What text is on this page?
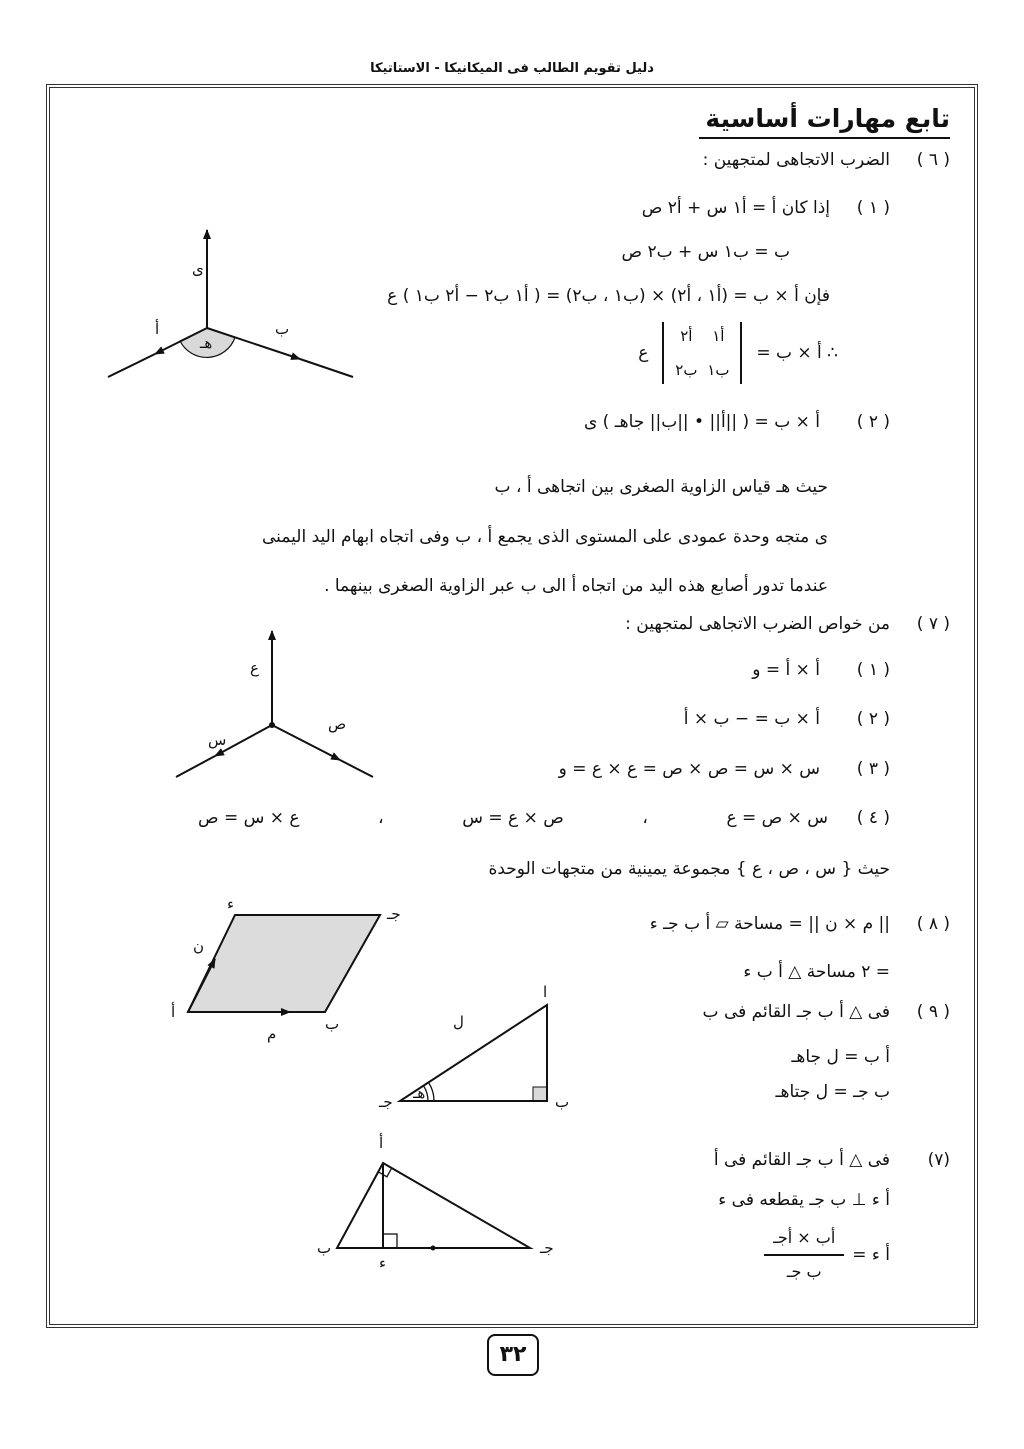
دليل تقويم الطالب فى الميكانيكا - الاستاتيكا
تابع مهارات أساسية
( ٦ )
الضرب الاتجاهى لمتجهين :
( ١ )
إذا كان أ = أ١ س + أ٢ ص
ب = ب١ س + ب٢ ص
فإن أ × ب = (أ١ ، أ٢) × (ب١ ، ب٢) = ( أ١ ب٢ − أ٢ ب١ ) ع
∴ أ × ب =
أ١
أ٢
ب١
ب٢
ع
( ٢ )
أ × ب = ( ||أ|| • ||ب|| جاهـ ) ى
حيث هـ قياس الزاوية الصغرى بين اتجاهى أ ، ب
ى متجه وحدة عمودى على المستوى الذى يجمع أ ، ب وفى اتجاه ابهام اليد اليمنى
عندما تدور أصابع هذه اليد من اتجاه أ الى ب عبر الزاوية الصغرى بينهما .
( ٧ )
من خواص الضرب الاتجاهى لمتجهين :
( ١ )
أ × أ = و
( ٢ )
أ × ب = − ب × أ
( ٣ )
س × س = ص × ص = ع × ع = و
( ٤ )
س × ص = ع
،
ص × ع = س
،
ع × س = ص
حيث { س ، ص ، ع } مجموعة يمينية من متجهات الوحدة
( ٨ )
|| م × ن || = مساحة ▱ أ ب جـ ء
= ٢ مساحة △ أ ب ء
( ٩ )
فى △ أ ب جـ القائم فى ب
أ ب = ل جاهـ
ب جـ = ل جتاهـ
(٧)
فى △ أ ب جـ القائم فى أ
أ ء ⊥ ب جـ يقطعه فى ء
أ ء =
$\frac{\text{أب × أجـ}}{\text{ب جـ}}$
ى
أ	ب
هـ
ع
س
ص
ء
جـ
أ
ب
ن
م
أ
ب
جـ
ل
هـ
أ
ب	جـ
ء
٣٢
